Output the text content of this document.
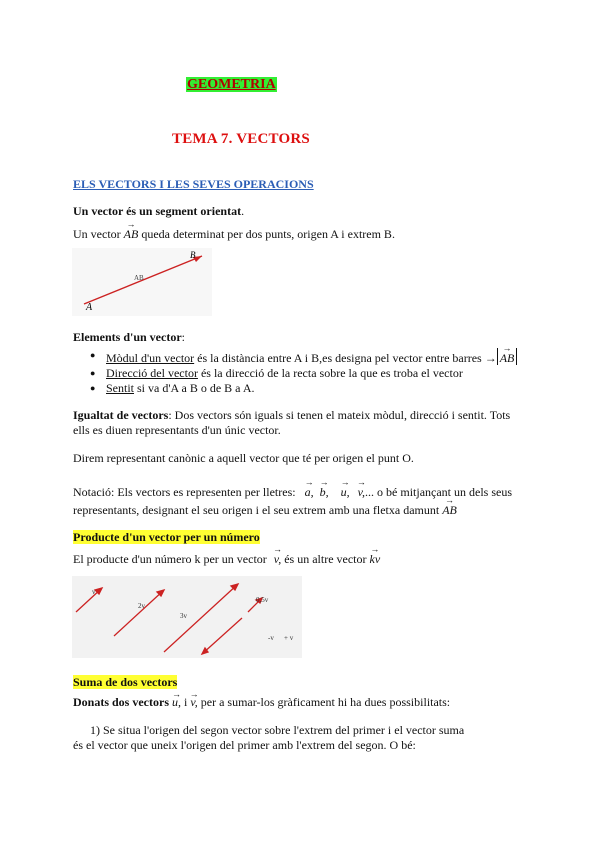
GEOMETRIA
TEMA 7. VECTORS
ELS VECTORS I LES SEVES OPERACIONS
Un vector és un segment orientat.
Un vector → AB queda determinat per dos punts, origen A i extrem B.
A
B
AB
Elements d'un vector:
● Mòdul d'un vector és la distància entre A i B,es designa pel vector entre barres → → AB
● Direcció del vector és la direcció de la recta sobre la que es troba el vector
● Sentit si va d'A a B o de B a A.
Igualtat de vectors: Dos vectors són iguals si tenen el mateix mòdul, direcció i sentit. Tots
ells es diuen representants d'un únic vector.
Direm representant canònic a aquell vector que té per origen el punt O.
Notació: Els vectors es representen per lletres: → a, → b, → u, → v,... o bé mitjançant un dels seus
representants, designant el seu origen i el seu extrem amb una fletxa damunt → AB
Producte d'un vector per un número
El producte d'un número k per un vector → v, és un altre vector → kv
v
2v
3v
0,5v
-v + v
Suma de dos vectors
Donats dos vectors → u, i → v, per a sumar-los gràficament hi ha dues possibilitats:
1) Se situa l'origen del segon vector sobre l'extrem del primer i el vector suma
és el vector que uneix l'origen del primer amb l'extrem del segon. O bé:
